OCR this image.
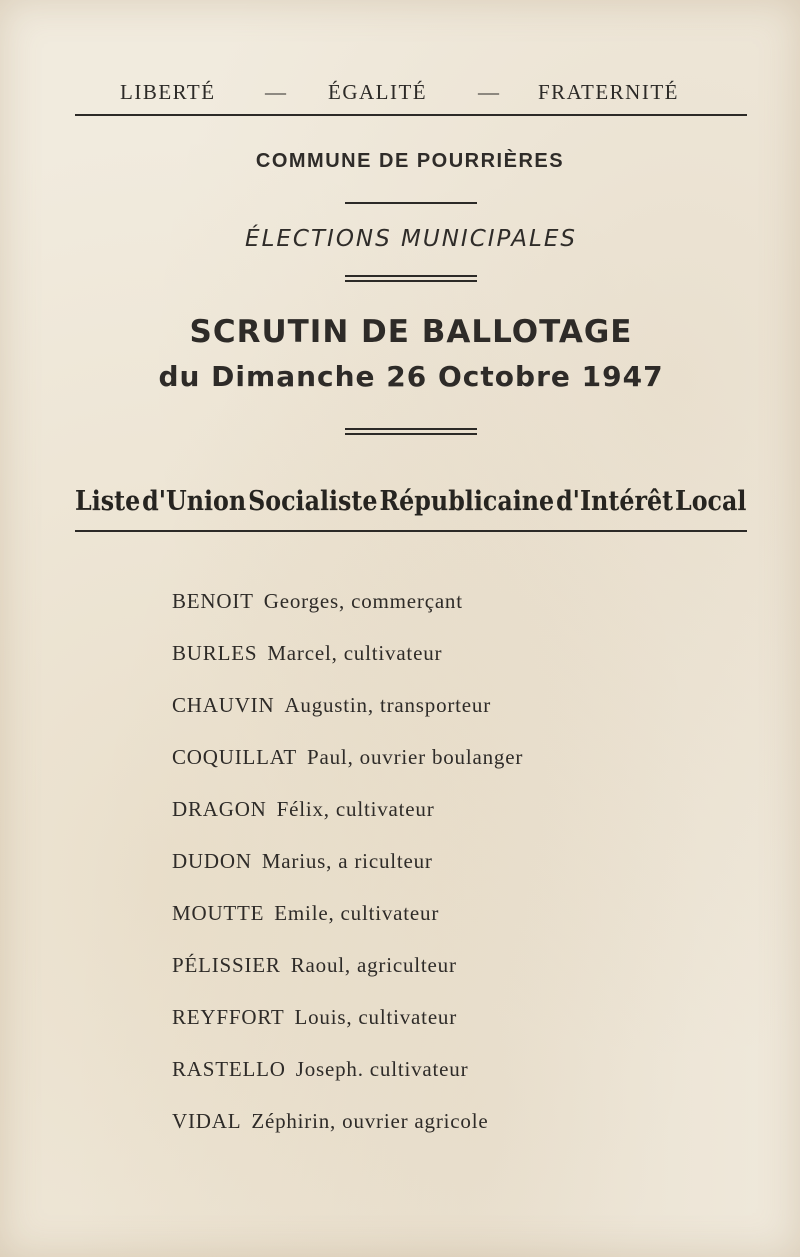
LIBERTÉ — ÉGALITÉ — FRATERNITÉ
COMMUNE DE POURRIÈRES
ÉLECTIONS MUNICIPALES
SCRUTIN DE BALLOTAGE
du Dimanche 26 Octobre 1947
Liste d'Union Socialiste Républicaine d'Intérêt Local
BENOIT Georges, commerçant
BURLES Marcel, cultivateur
CHAUVIN Augustin, transporteur
COQUILLAT Paul, ouvrier boulanger
DRAGON Félix, cultivateur
DUDON Marius, a riculteur
MOUTTE Emile, cultivateur
PÉLISSIER Raoul, agriculteur
REYFFORT Louis, cultivateur
RASTELLO Joseph. cultivateur
VIDAL Zéphirin, ouvrier agricole
